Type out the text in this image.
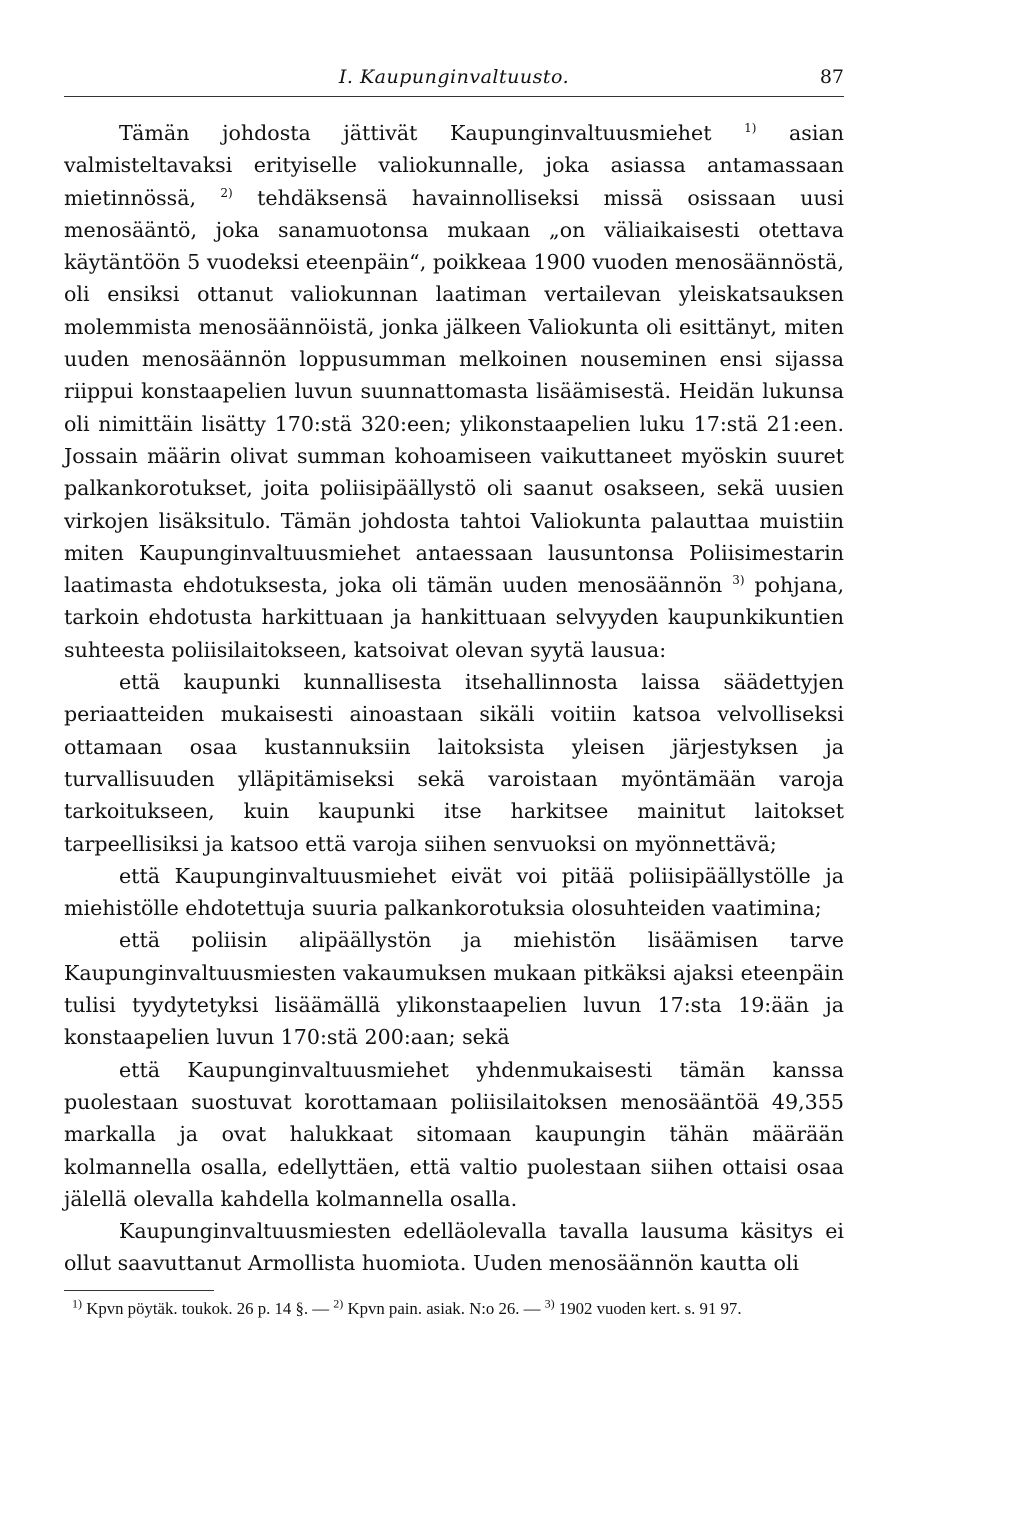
I. Kaupunginvaltuusto.	87

Tämän johdosta jättivät Kaupunginvaltuusmiehet $^{1)}$ asian valmisteltavaksi erityiselle valiokunnalle, joka asiassa antamassaan mietinnössä, $^{2)}$ tehdäksensä havainnolliseksi missä osissaan uusi menosääntö, joka sanamuotonsa mukaan „on väliaikaisesti otettava käytäntöön 5 vuodeksi eteenpäin“, poikkeaa 1900 vuoden menosäännöstä, oli ensiksi ottanut valiokunnan laatiman vertailevan yleiskatsauksen molemmista menosäännöistä, jonka jälkeen Valiokunta oli esittänyt, miten uuden menosäännön loppusumman melkoinen nouseminen ensi sijassa riippui konstaapelien luvun suunnattomasta lisäämisestä. Heidän lukunsa oli nimittäin lisätty 170:stä 320:een; ylikonstaapelien luku 17:stä 21:een. Jossain määrin olivat summan kohoamiseen vaikuttaneet myöskin suuret palkankorotukset, joita poliisipäällystö oli saanut osakseen, sekä uusien virkojen lisäksitulo. Tämän johdosta tahtoi Valiokunta palauttaa muistiin miten Kaupunginvaltuusmiehet antaessaan lausuntonsa Poliisimestarin laatimasta ehdotuksesta, joka oli tämän uuden menosäännön $^{3)}$ pohjana, tarkoin ehdotusta harkittuaan ja hankittuaan selvyyden kaupunkikuntien suhteesta poliisilaitokseen, katsoivat olevan syytä lausua:

että kaupunki kunnallisesta itsehallinnosta laissa säädettyjen periaatteiden mukaisesti ainoastaan sikäli voitiin katsoa velvolliseksi ottamaan osaa kustannuksiin laitoksista yleisen järjestyksen ja turvallisuuden ylläpitämiseksi sekä varoistaan myöntämään varoja tarkoitukseen, kuin kaupunki itse harkitsee mainitut laitokset tarpeellisiksi ja katsoo että varoja siihen senvuoksi on myönnettävä;

että Kaupunginvaltuusmiehet eivät voi pitää poliisipäällystölle ja miehistölle ehdotettuja suuria palkankorotuksia olosuhteiden vaatimina;

että poliisin alipäällystön ja miehistön lisäämisen tarve Kaupunginvaltuusmiesten vakaumuksen mukaan pitkäksi ajaksi eteenpäin tulisi tyydytetyksi lisäämällä ylikonstaapelien luvun 17:sta 19:ään ja konstaapelien luvun 170:stä 200:aan; sekä

että Kaupunginvaltuusmiehet yhdenmukaisesti tämän kanssa puolestaan suostuvat korottamaan poliisilaitoksen menosääntöä 49,355 markalla ja ovat halukkaat sitomaan kaupungin tähän määrään kolmannella osalla, edellyttäen, että valtio puolestaan siihen ottaisi osaa jälellä olevalla kahdella kolmannella osalla.

Kaupunginvaltuusmiesten edelläolevalla tavalla lausuma käsitys ei ollut saavuttanut Armollista huomiota. Uuden menosäännön kautta oli

$^{1)}$ Kpvn pöytäk. toukok. 26 p. 14 §. — $^{2)}$ Kpvn pain. asiak. N:o 26. — $^{3)}$ 1902 vuoden kert. s. 91 97.
